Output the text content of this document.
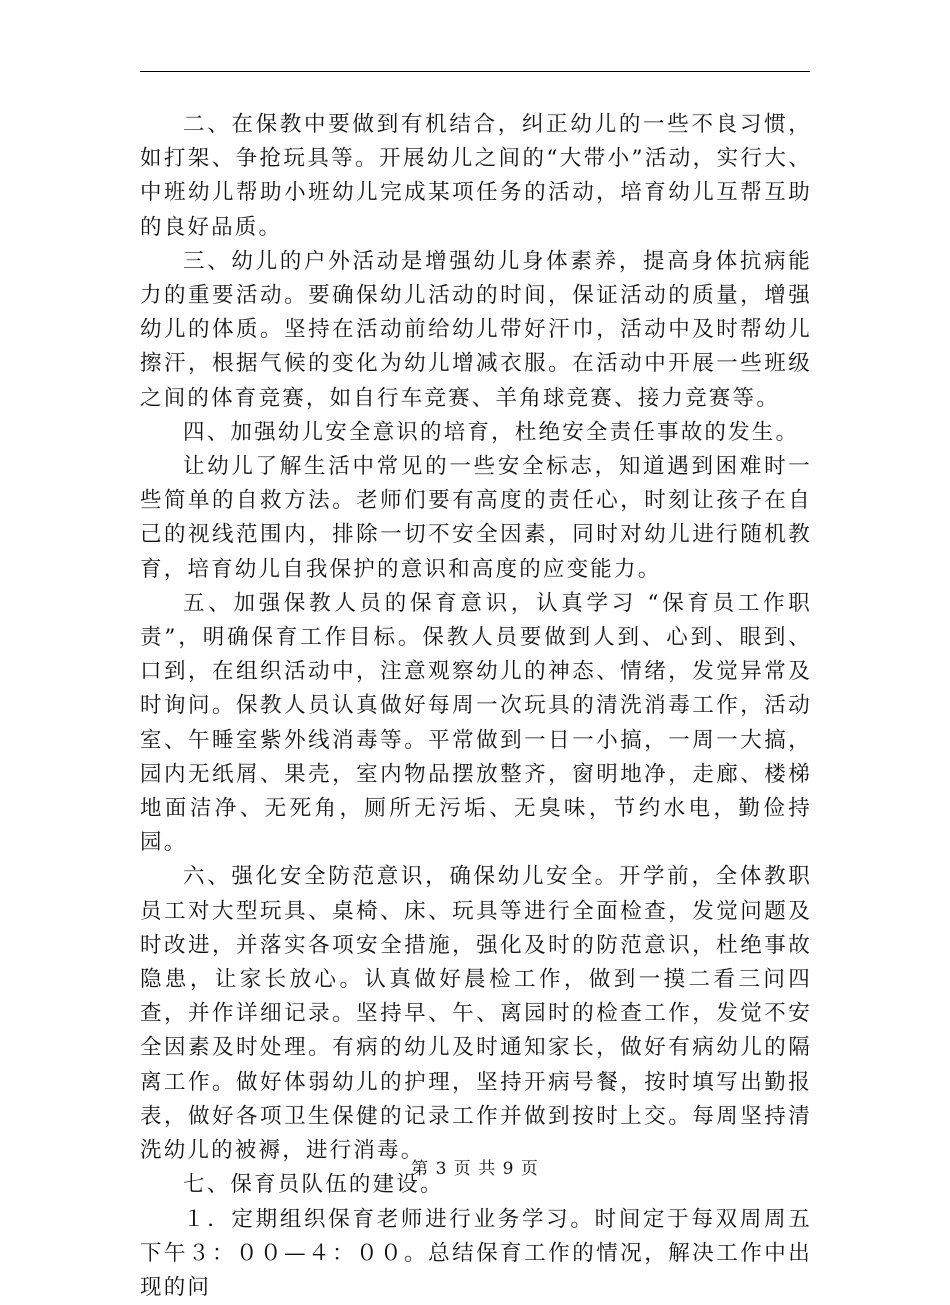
二、在保教中要做到有机结合，纠正幼儿的一些不良习惯，如打架、争抢玩具等。开展幼儿之间的“大带小”活动，实行大、中班幼儿帮助小班幼儿完成某项任务的活动，培育幼儿互帮互助的良好品质。

三、幼儿的户外活动是增强幼儿身体素养，提高身体抗病能力的重要活动。要确保幼儿活动的时间，保证活动的质量，增强幼儿的体质。坚持在活动前给幼儿带好汗巾，活动中及时帮幼儿擦汗，根据气候的变化为幼儿增减衣服。在活动中开展一些班级之间的体育竞赛，如自行车竞赛、羊角球竞赛、接力竞赛等。

四、加强幼儿安全意识的培育，杜绝安全责任事故的发生。

让幼儿了解生活中常见的一些安全标志，知道遇到困难时一些简单的自救方法。老师们要有高度的责任心，时刻让孩子在自己的视线范围内，排除一切不安全因素，同时对幼儿进行随机教育，培育幼儿自我保护的意识和高度的应变能力。

五、加强保教人员的保育意识，认真学习 “保育员工作职责”，明确保育工作目标。保教人员要做到人到、心到、眼到、口到，在组织活动中，注意观察幼儿的神态、情绪，发觉异常及时询问。保教人员认真做好每周一次玩具的清洗消毒工作，活动室、午睡室紫外线消毒等。平常做到一日一小搞，一周一大搞，园内无纸屑、果壳，室内物品摆放整齐，窗明地净，走廊、楼梯地面洁净、无死角，厕所无污垢、无臭味，节约水电，勤俭持园。

六、强化安全防范意识，确保幼儿安全。开学前，全体教职员工对大型玩具、桌椅、床、玩具等进行全面检查，发觉问题及时改进，并落实各项安全措施，强化及时的防范意识，杜绝事故隐患，让家长放心。认真做好晨检工作，做到一摸二看三问四查，并作详细记录。坚持早、午、离园时的检查工作，发觉不安全因素及时处理。有病的幼儿及时通知家长，做好有病幼儿的隔离工作。做好体弱幼儿的护理，坚持开病号餐，按时填写出勤报表，做好各项卫生保健的记录工作并做到按时上交。每周坚持清洗幼儿的被褥，进行消毒。

七、保育员队伍的建设。

１．定期组织保育老师进行业务学习。时间定于每双周周五下午３：００—４：００。总结保育工作的情况，解决工作中出现的问

第 3 页 共 9 页
